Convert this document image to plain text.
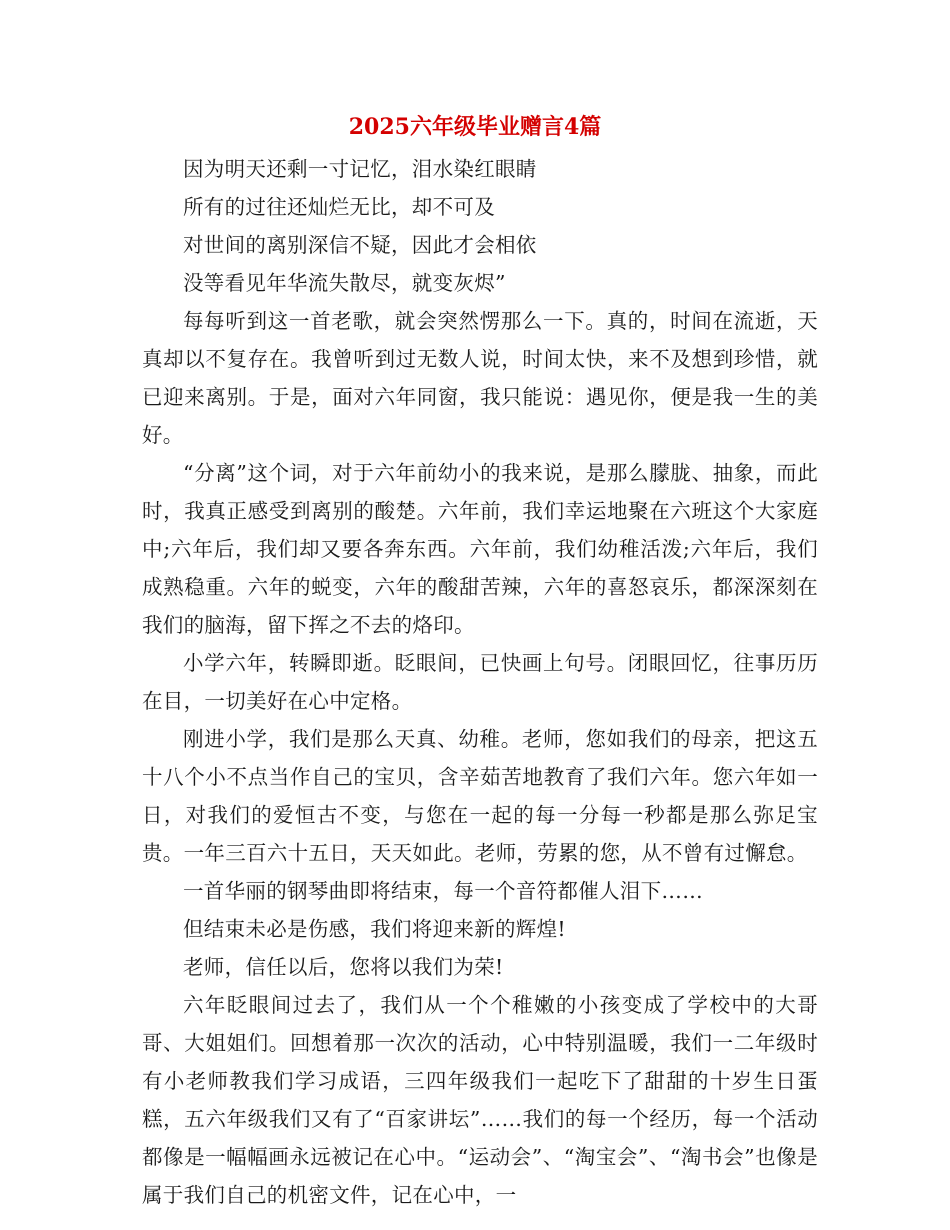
2025六年级毕业赠言4篇

因为明天还剩一寸记忆，泪水染红眼睛

所有的过往还灿烂无比，却不可及

对世间的离别深信不疑，因此才会相依

没等看见年华流失散尽，就变灰烬”

每每听到这一首老歌，就会突然愣那么一下。真的，时间在流逝，天真却以不复存在。我曾听到过无数人说，时间太快，来不及想到珍惜，就已迎来离别。于是，面对六年同窗，我只能说：遇见你，便是我一生的美好。

“分离”这个词，对于六年前幼小的我来说，是那么朦胧、抽象，而此时，我真正感受到离别的酸楚。六年前，我们幸运地聚在六班这个大家庭中;六年后，我们却又要各奔东西。六年前，我们幼稚活泼;六年后，我们成熟稳重。六年的蜕变，六年的酸甜苦辣，六年的喜怒哀乐，都深深刻在我们的脑海，留下挥之不去的烙印。

小学六年，转瞬即逝。眨眼间，已快画上句号。闭眼回忆，往事历历在目，一切美好在心中定格。

刚进小学，我们是那么天真、幼稚。老师，您如我们的母亲，把这五十八个小不点当作自己的宝贝，含辛茹苦地教育了我们六年。您六年如一日，对我们的爱恒古不变，与您在一起的每一分每一秒都是那么弥足宝贵。一年三百六十五日，天天如此。老师，劳累的您，从不曾有过懈怠。

一首华丽的钢琴曲即将结束，每一个音符都催人泪下……

但结束未必是伤感，我们将迎来新的辉煌!

老师，信任以后，您将以我们为荣!

六年眨眼间过去了，我们从一个个稚嫩的小孩变成了学校中的大哥哥、大姐姐们。回想着那一次次的活动，心中特别温暖，我们一二年级时有小老师教我们学习成语，三四年级我们一起吃下了甜甜的十岁生日蛋糕，五六年级我们又有了“百家讲坛”……我们的每一个经历，每一个活动都像是一幅幅画永远被记在心中。“运动会”、“淘宝会”、“淘书会”也像是属于我们自己的机密文件，记在心中，一
